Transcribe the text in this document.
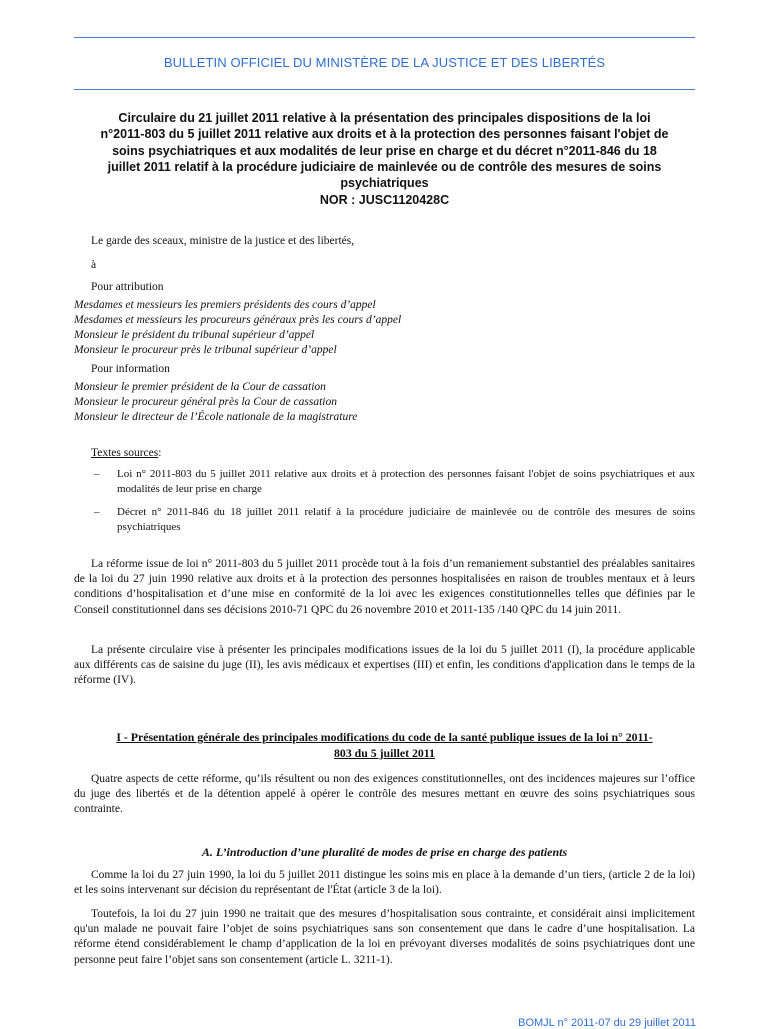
BULLETIN OFFICIEL DU MINISTÈRE DE LA JUSTICE ET DES LIBERTÉS
Circulaire du 21 juillet 2011 relative à la présentation des principales dispositions de la loi
n°2011-803 du 5 juillet 2011 relative aux droits et à la protection des personnes faisant l'objet de
soins psychiatriques et aux modalités de leur prise en charge et du décret n°2011-846 du 18
juillet 2011 relatif à la procédure judiciaire de mainlevée ou de contrôle des mesures de soins
psychiatriques
NOR : JUSC1120428C
Le garde des sceaux, ministre de la justice et des libertés,
à
Pour attribution
Mesdames et messieurs les premiers présidents des cours d’appel
Mesdames et messieurs les procureurs généraux près les cours d’appel
Monsieur le président du tribunal supérieur d’appel
Monsieur le procureur près le tribunal supérieur d’appel
Pour information
Monsieur le premier président de la Cour de cassation
Monsieur le procureur général près la Cour de cassation
Monsieur le directeur de l’École nationale de la magistrature
Textes sources:
– Loi n° 2011-803 du 5 juillet 2011 relative aux droits et à protection des personnes faisant l'objet de soins psychiatriques et aux modalités de leur prise en charge
– Décret n° 2011-846 du 18 juillet 2011 relatif à la procédure judiciaire de mainlevée ou de contrôle des mesures de soins psychiatriques
La réforme issue de loi n° 2011-803 du 5 juillet 2011 procède tout à la fois d’un remaniement substantiel des préalables sanitaires de la loi du 27 juin 1990 relative aux droits et à la protection des personnes hospitalisées en raison de troubles mentaux et à leurs conditions d’hospitalisation et d’une mise en conformité de la loi avec les exigences constitutionnelles telles que définies par le Conseil constitutionnel dans ses décisions 2010-71 QPC du 26 novembre 2010 et 2011-135 /140 QPC du 14 juin 2011.
La présente circulaire vise à présenter les principales modifications issues de la loi du 5 juillet 2011 (I), la procédure applicable aux différents cas de saisine du juge (II), les avis médicaux et expertises (III) et enfin, les conditions d'application dans le temps de la réforme (IV).
I - Présentation générale des principales modifications du code de la santé publique issues de la loi n° 2011-
803 du 5 juillet 2011
Quatre aspects de cette réforme, qu’ils résultent ou non des exigences constitutionnelles, ont des incidences majeures sur l’office du juge des libertés et de la détention appelé à opérer le contrôle des mesures mettant en œuvre des soins psychiatriques sous contrainte.
A. L’introduction d’une pluralité de modes de prise en charge des patients
Comme la loi du 27 juin 1990, la loi du 5 juillet 2011 distingue les soins mis en place à la demande d’un tiers, (article 2 de la loi) et les soins intervenant sur décision du représentant de l'État (article 3 de la loi).
Toutefois, la loi du 27 juin 1990 ne traitait que des mesures d’hospitalisation sous contrainte, et considérait ainsi implicitement qu'un malade ne pouvait faire l’objet de soins psychiatriques sans son consentement que dans le cadre d’une hospitalisation. La réforme étend considérablement le champ d’application de la loi en prévoyant diverses modalités de soins psychiatriques dont une personne peut faire l’objet sans son consentement (article L. 3211-1).
BOMJL n° 2011-07 du 29 juillet 2011
